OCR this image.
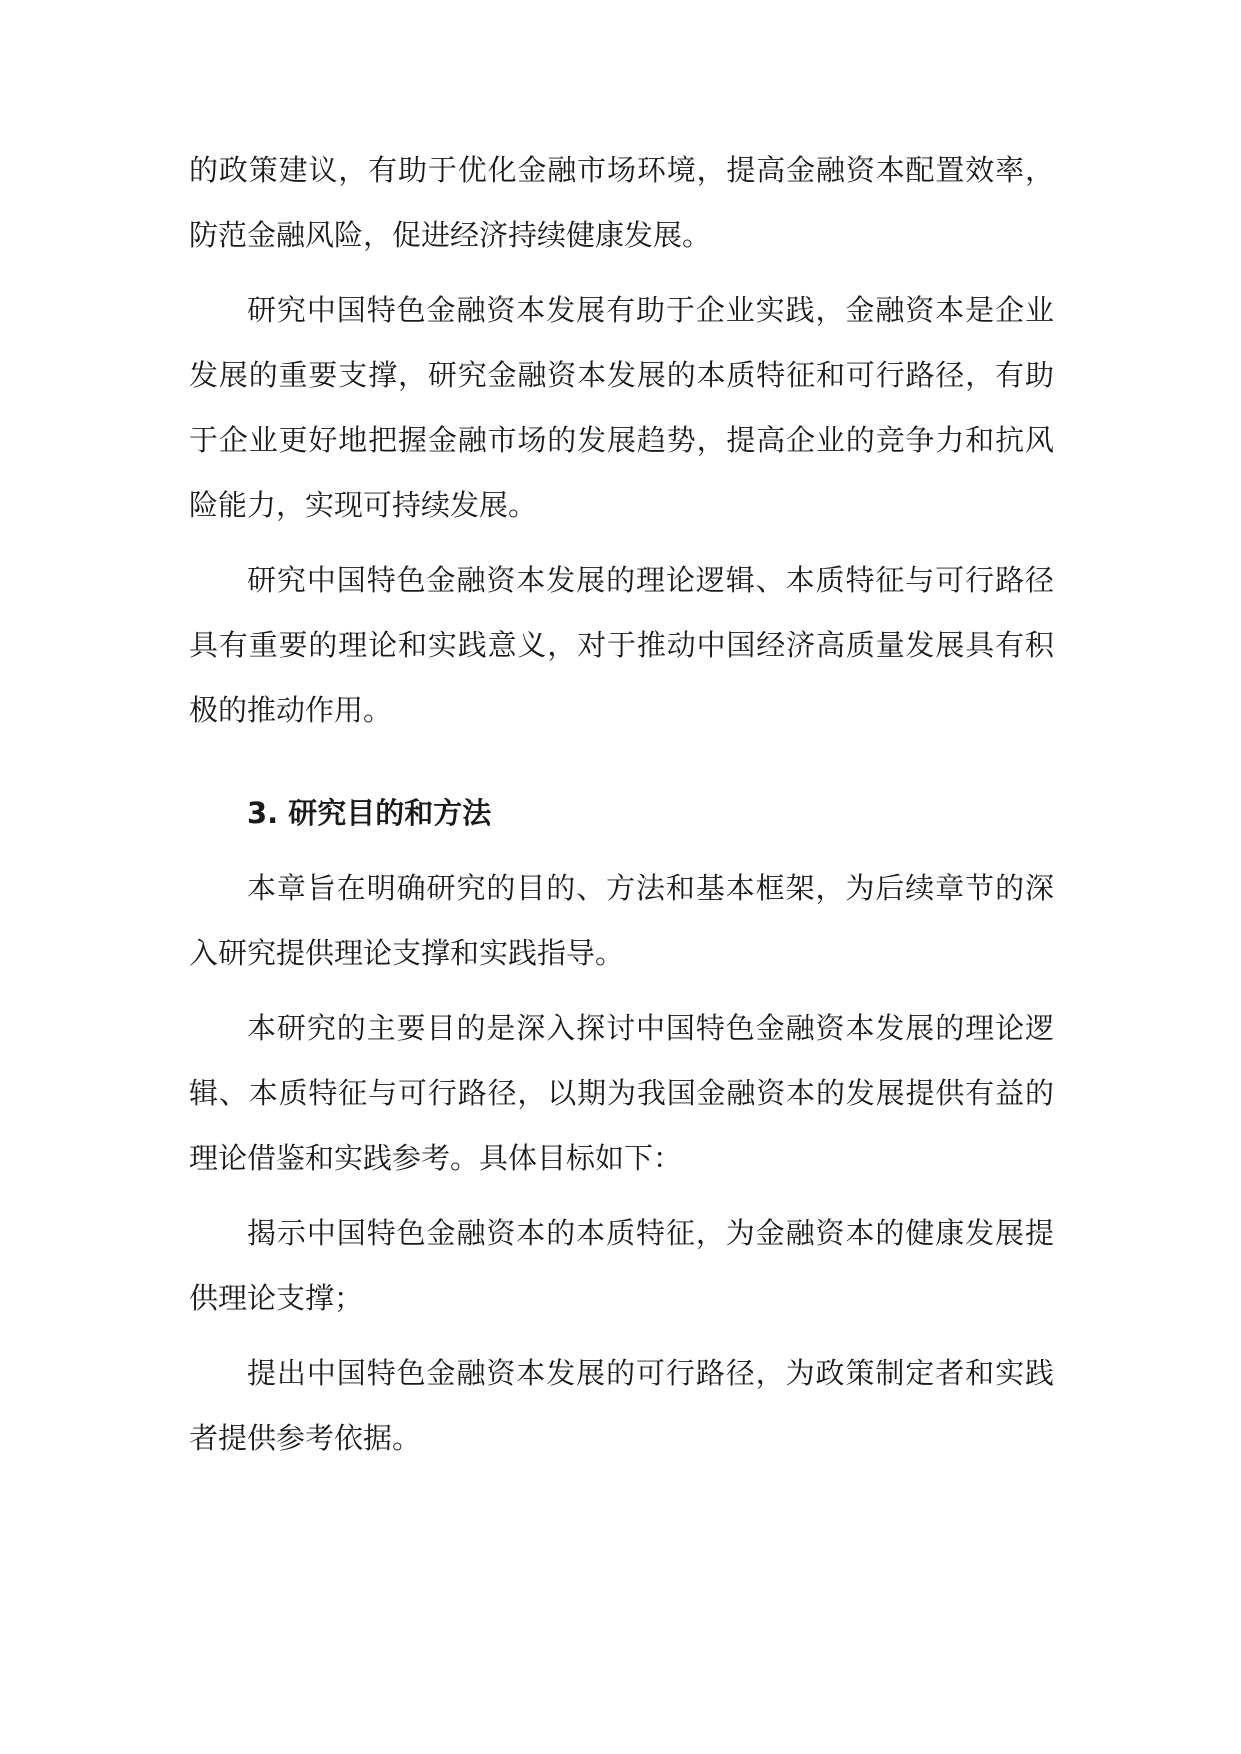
的政策建议，有助于优化金融市场环境，提高金融资本配置效率，防范金融风险，促进经济持续健康发展。

研究中国特色金融资本发展有助于企业实践，金融资本是企业发展的重要支撑，研究金融资本发展的本质特征和可行路径，有助于企业更好地把握金融市场的发展趋势，提高企业的竞争力和抗风险能力，实现可持续发展。

研究中国特色金融资本发展的理论逻辑、本质特征与可行路径具有重要的理论和实践意义，对于推动中国经济高质量发展具有积极的推动作用。

3. 研究目的和方法

本章旨在明确研究的目的、方法和基本框架，为后续章节的深入研究提供理论支撑和实践指导。

本研究的主要目的是深入探讨中国特色金融资本发展的理论逻辑、本质特征与可行路径，以期为我国金融资本的发展提供有益的理论借鉴和实践参考。具体目标如下：

揭示中国特色金融资本的本质特征，为金融资本的健康发展提供理论支撑；

提出中国特色金融资本发展的可行路径，为政策制定者和实践者提供参考依据。
